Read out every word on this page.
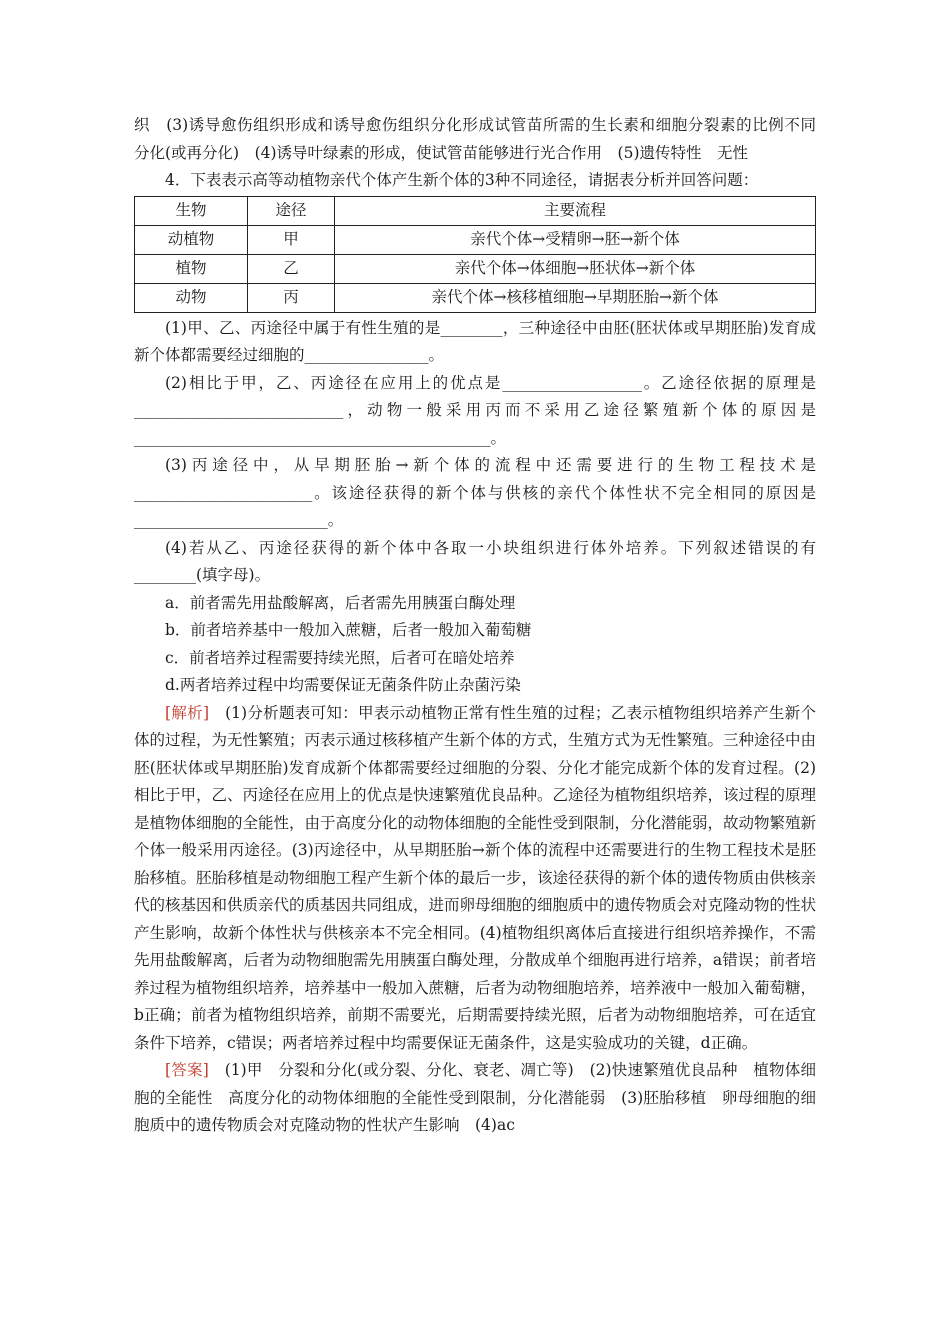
织　(3)诱导愈伤组织形成和诱导愈伤组织分化形成试管苗所需的生长素和细胞分裂素的比例不同　分化(或再分化)　(4)诱导叶绿素的形成，使试管苗能够进行光合作用　(5)遗传特性　无性

4．下表表示高等动植物亲代个体产生新个体的3种不同途径，请据表分析并回答问题：

生物	途径	主要流程
动植物	甲	亲代个体→受精卵→胚→新个体
植物	乙	亲代个体→体细胞→胚状体→新个体
动物	丙	亲代个体→核移植细胞→早期胚胎→新个体

(1)甲、乙、丙途径中属于有性生殖的是________，三种途径中由胚(胚状体或早期胚胎)发育成新个体都需要经过细胞的________________。

(2)相比于甲，乙、丙途径在应用上的优点是__________________。乙途径依据的原理是___________________________，动物一般采用丙而不采用乙途径繁殖新个体的原因是______________________________________________。

(3)丙途径中，从早期胚胎→新个体的流程中还需要进行的生物工程技术是_______________________。该途径获得的新个体与供核的亲代个体性状不完全相同的原因是_________________________。

(4)若从乙、丙途径获得的新个体中各取一小块组织进行体外培养。下列叙述错误的有________(填字母)。

a．前者需先用盐酸解离，后者需先用胰蛋白酶处理

b．前者培养基中一般加入蔗糖，后者一般加入葡萄糖

c．前者培养过程需要持续光照，后者可在暗处培养

d.两者培养过程中均需要保证无菌条件防止杂菌污染

[解析]　(1)分析题表可知：甲表示动植物正常有性生殖的过程；乙表示植物组织培养产生新个体的过程，为无性繁殖；丙表示通过核移植产生新个体的方式，生殖方式为无性繁殖。三种途径中由胚(胚状体或早期胚胎)发育成新个体都需要经过细胞的分裂、分化才能完成新个体的发育过程。(2)相比于甲，乙、丙途径在应用上的优点是快速繁殖优良品种。乙途径为植物组织培养，该过程的原理是植物体细胞的全能性，由于高度分化的动物体细胞的全能性受到限制，分化潜能弱，故动物繁殖新个体一般采用丙途径。(3)丙途径中，从早期胚胎→新个体的流程中还需要进行的生物工程技术是胚胎移植。胚胎移植是动物细胞工程产生新个体的最后一步，该途径获得的新个体的遗传物质由供核亲代的核基因和供质亲代的质基因共同组成，进而卵母细胞的细胞质中的遗传物质会对克隆动物的性状产生影响，故新个体性状与供核亲本不完全相同。(4)植物组织离体后直接进行组织培养操作，不需先用盐酸解离，后者为动物细胞需先用胰蛋白酶处理，分散成单个细胞再进行培养，a错误；前者培养过程为植物组织培养，培养基中一般加入蔗糖，后者为动物细胞培养，培养液中一般加入葡萄糖，b正确；前者为植物组织培养，前期不需要光，后期需要持续光照，后者为动物细胞培养，可在适宜条件下培养，c错误；两者培养过程中均需要保证无菌条件，这是实验成功的关键，d正确。

[答案]　(1)甲　分裂和分化(或分裂、分化、衰老、凋亡等)　(2)快速繁殖优良品种　植物体细胞的全能性　高度分化的动物体细胞的全能性受到限制，分化潜能弱　(3)胚胎移植　卵母细胞的细胞质中的遗传物质会对克隆动物的性状产生影响　(4)ac
